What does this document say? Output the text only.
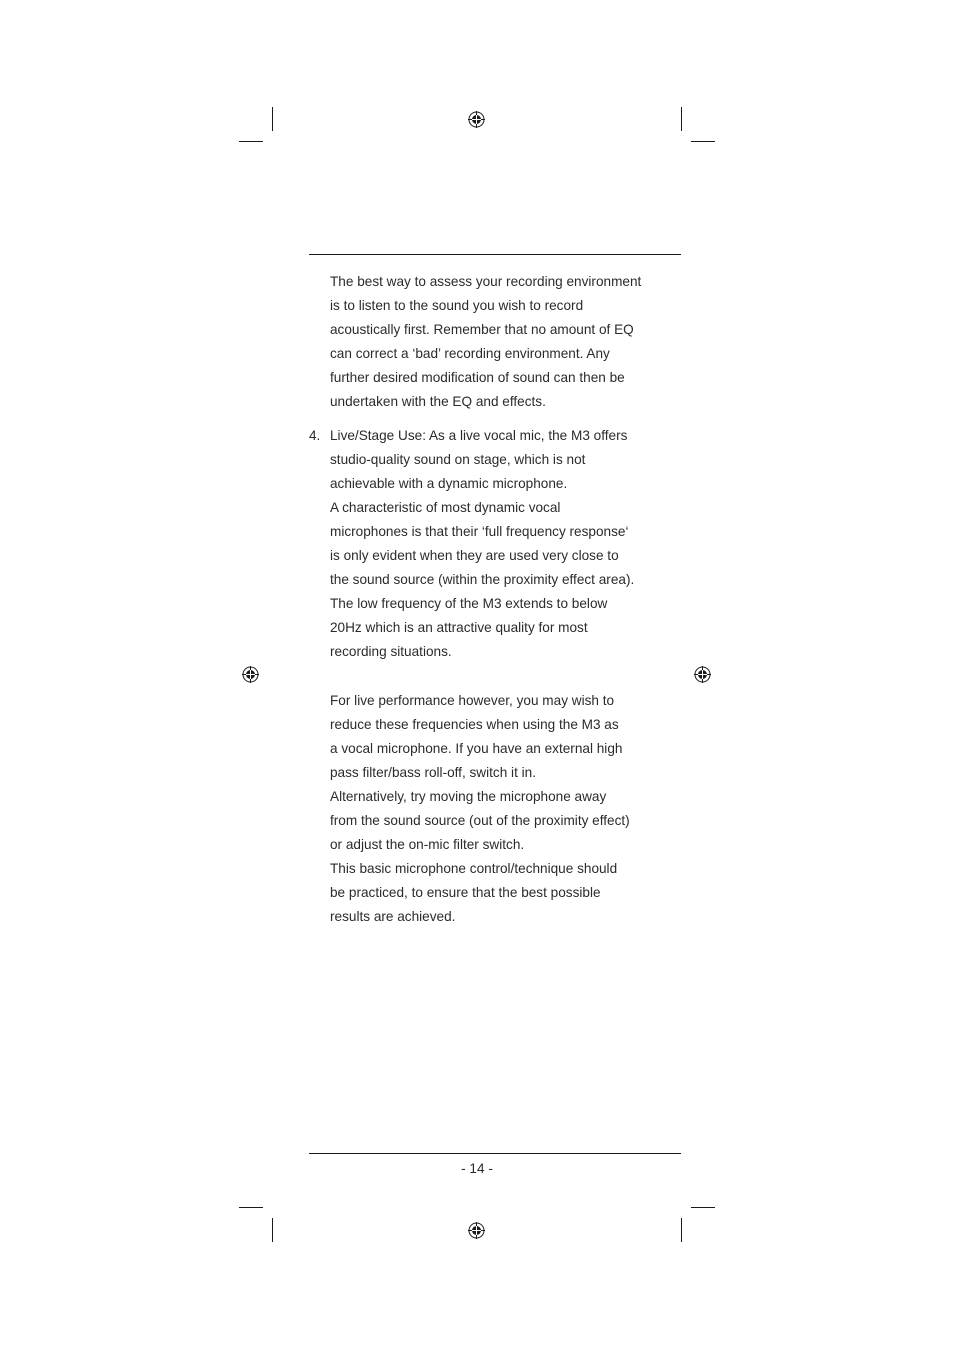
The best way to assess your recording environment
is to listen to the sound you wish to record
acoustically first. Remember that no amount of EQ
can correct a ‘bad’ recording environment. Any
further desired modification of sound can then be
undertaken with the EQ and effects.

4. Live/Stage Use: As a live vocal mic, the M3 offers
studio-quality sound on stage, which is not
achievable with a dynamic microphone.
A characteristic of most dynamic vocal
microphones is that their ‘full frequency response‘
is only evident when they are used very close to
the sound source (within the proximity effect area).
The low frequency of the M3 extends to below
20Hz which is an attractive quality for most
recording situations.

For live performance however, you may wish to
reduce these frequencies when using the M3 as
a vocal microphone. If you have an external high
pass filter/bass roll-off, switch it in.
Alternatively, try moving the microphone away
from the sound source (out of the proximity effect)
or adjust the on-mic filter switch.
This basic microphone control/technique should
be practiced, to ensure that the best possible
results are achieved.

- 14 -
